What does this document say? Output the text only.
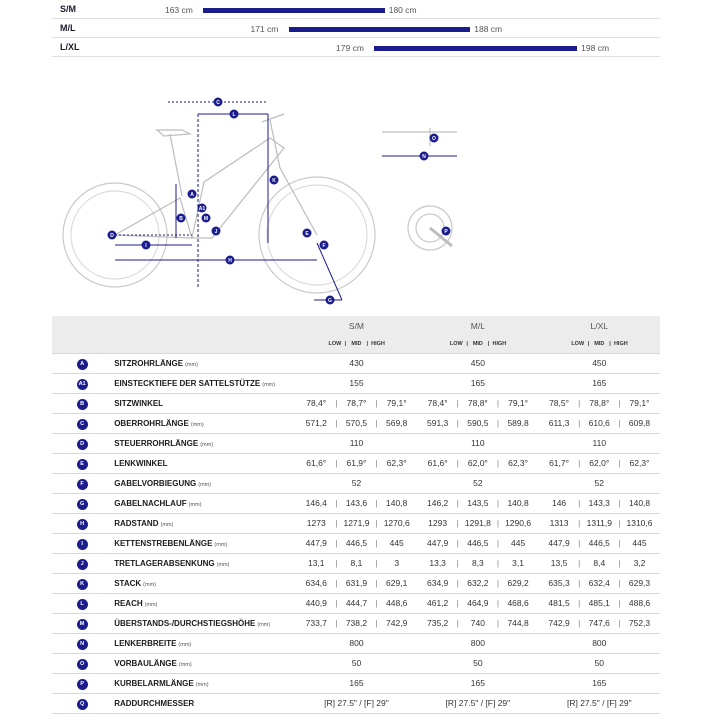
S/M	163 cm	180 cm
M/L	171 cm	188 cm
L/XL	179 cm	198 cm
A
A1
B
C
D	E
F
G
H
I
J
K
L
M
N
O
P
		S/M	M/L	L/XL
		LOW | MID | HIGH	LOW | MID | HIGH	LOW | MID | HIGH
A	SITZROHRLÄNGE (mm)	430	450	450
A1	EINSTECKTIEFE DER SATTELSTÜTZE (mm)	155	165	165
B	SITZWINKEL	78,4° | 78,7° | 79,1°	78,4° | 78,8° | 79,1°	78,5° | 78,8° | 79,1°
C	OBERROHRLÄNGE (mm)	571,2 | 570,5 | 569,8	591,3 | 590,5 | 589,8	611,3 | 610,6 | 609,8
D	STEUERROHRLÄNGE (mm)	110	110	110
E	LENKWINKEL	61,6° | 61,9° | 62,3°	61,6° | 62,0° | 62,3°	61,7° | 62,0° | 62,3°
F	GABELVORBIEGUNG (mm)	52	52	52
G	GABELNACHLAUF (mm)	146,4 | 143,6 | 140,8	146,2 | 143,5 | 140,8	146 | 143,3 | 140,8
H	RADSTAND (mm)	1273 | 1271,9 | 1270,6	1293 | 1291,8 | 1290,6	1313 | 1311,9 | 1310,6
I	KETTENSTREBENLÄNGE (mm)	447,9 | 446,5 | 445	447,9 | 446,5 | 445	447,9 | 446,5 | 445
J	TRETLAGERABSENKUNG (mm)	13,1 | 8,1 | 3	13,3 | 8,3 | 3,1	13,5 | 8,4 | 3,2
K	STACK (mm)	634,6 | 631,9 | 629,1	634,9 | 632,2 | 629,2	635,3 | 632,4 | 629,3
L	REACH (mm)	440,9 | 444,7 | 448,6	461,2 | 464,9 | 468,6	481,5 | 485,1 | 488,6
M	ÜBERSTANDS-/DURCHSTIEGSHÖHE (mm)	733,7 | 738,2 | 742,9	735,2 | 740 | 744,8	742,9 | 747,6 | 752,3
N	LENKERBREITE (mm)	800	800	800
O	VORBAULÄNGE (mm)	50	50	50
P	KURBELARMLÄNGE (mm)	165	165	165
Q	RADDURCHMESSER	[R] 27.5" / [F] 29"	[R] 27.5" / [F] 29"	[R] 27.5" / [F] 29"
